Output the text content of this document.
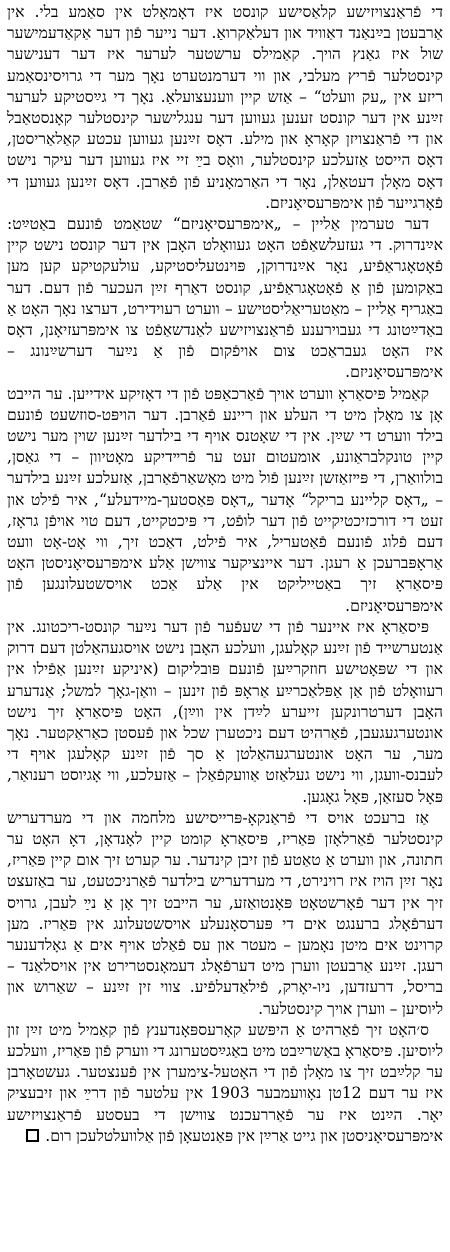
די פֿראַנצויזישע קלאַסישע קונסט איז דאָמאָלט אין סאַמע בלי. אין אַרבעטן בײַנאַנד דאַוויד און דעלאַקרואַ. דער נייער פֿון דער אַקאַדעמישער שול איז גאַנץ הויך. קאַמילס ערשטער לערער איז דער דענישער קינסטלער פֿריץ מעלבי, און ווי דערמנטערט נאָך מער די גרויסינסאַמע ריזע אין „עק וועלט“ – אַזש קיין װענעצועלאַ. נאָך די גײַסטיקע לערער זײַנע אין דער קונסט זענען געווען דער ענגלישער קינסטלער קאָנסטאַבל און די פֿראַנצויזן קאָראָ און מילע. דאָס זײַנען געווען עכטע קאַלאַריסטן, דאָס הייסט אַזעלכע קינסטלער, וואָס בײַ זיי איז געווען דער עיקר נישט דאָס מאָלן דעטאַלן, נאָר די האַרמאָניע פֿון פֿאַרבן. דאָס זײַנען געווען די פֿאָרגייער פֿון אימפּרעסיאָניזם.

דער טערמין אַליין – „אימפּרעסיאָניזם“ שטאַמט פֿונעם באַטײַט: אײַנדרוק. די געזעלשאַפֿט האָט געוואָלט האָבן אין דער קונסט נישט קיין פֿאָטאָגראַפֿיע, נאָר אײַנדרוקן, פּוינטעליסטיקע, עולעקטיקע קען מען באַקומען פֿון אַ פֿאָטאָגראַפֿיע, קונסט דאַרף זײַן העכער פֿון דעם. דער באַגריף אַליין – מאַטעריאַליסטישע – ווערט רעוידירט, דערצו נאָך האָט אַ באַדײַטונג די געבוירענע פֿראַנצויזישע לאַנדשאַפֿט צו אימפּרעזיאָנן, דאָס איז האָט געבראַכט צום אויפֿקום פֿון אַ נײַער דערשײַנונג – אימפּרעסיאָניזם.

קאַמיל פּיסאַראָ ווערט אויך פֿאַרכאַפּט פֿון די דאָזיקע אידייען. ער הייבט אָן צו מאָלן מיט די העלע און ריינע פֿאַרבן. דער הויפּט-סוזשעט פֿונעם בילד ווערט די שײַן. אין די שאָטנס אויף די בילדער זײַנען שוין מער נישט קיין טונקלבראַונע, אומעטום זעט ער פֿרײדיקע מאָטיוון – די גאַסן, בולוואַרן, די פּײזאַזשן זײַנען פֿול מיט מאָשאַרפֿאַרבן, אַזעלכע זײַנע בילדער – „דאָס קליינע בריקל“ אָדער „דאָס פּאַסטעך-מיידעלע“, איר פֿילט און זעט די דורכזיכטיקייט פֿון דער לופֿט, די פּיכטקייט, דעם טוי אויפֿן גראָז, דעם פֿלוג פֿונעם פֿאַטעריל, איר פֿילט, דאַכט זיך, ווי אָט-אָט וועט אַראָפּברעכן אַ רעגן. דער איינציקער צווישן אַלע אימפּרעסיאָניסטן האָט פּיסאַראָ זיך באַטייליקט אין אַלע אַכט אויסשטעלונגען פֿון אימפּרעסיאָניזם.

פּיסאַראָ איז איינער פֿון די שעפֿער פֿון דער נײַער קונסט-ריכטונג. אין אַנטערשייד פֿון זײַנע קאָלעגן, וועלכע האָבן נישט אויסגעהאַלטן דעם דרוק און די שפּאָטישע חוזקרײַען פֿונעם פּובליקום (איניקע זײַנען אַפֿילו אין רעוואָלט פֿון אַן אַפּלאַכרײַע אַראָפּ פֿון זינען – וואַן-גאָך למשל; אַנדערע האָבן דערטרונקען זייערע לײַדן אין ווײַן), האָט פּיסאַראָ זיך נישט אונטערגעגעבן, פֿאַרהיט דעם ניכטערן שכל און פֿעסטן כאַראַקטער. נאָך מער, ער האָט אונטערגעהאַלטן אַ סך פֿון זײַנע קאָלעגן אויף די לעבנס-וועגן, ווי נישט געלאַזט אַוועקפֿאַלן – אַזעלכע, ווי אָגיוסט רענואַר, פּאָל סעזאַן, פּאָל גאָגען.

אַז ברעכט אויס די פֿראַנקאָ-פּרייסישע מלחמה און די מערדעריש קינסטלער פֿאַרלאָזן פּאַריז, פּיסאַראָ קומט קיין לאָנדאָן, דאָ האָט ער חתונה, און ווערט אַ טאַטע פֿון זיבן קינדער. ער קערט זיך אום קיין פּאַריז, נאָר זײַן הויז איז רוינירט, די מערדעריש בילדער פֿאַרניכטעט, ער באַזעצט זיך אין דער פֿאָרשטאָט פּאָנטואַזע, ער הייבט זיך אָן אַ נײַ לעבן, גרויס דערפֿאָלג ברענגט אים די פּערסאָנעלע אויסשטעלונג אין פּאַריז. מען קרוינט אים מיטן נאָמען – מעטר און עס פֿאַלט אויף אים אַ גאָלדענער רעגן. זײַנע אַרבעטן ווערן מיט דערפֿאָלג דעמאָנסטרירט אין אויסלאַנד – בריסל, דרעזדען, ניו-יאָרק, פֿילאַדעלפֿיע. צווי זין זײַנע – שאַרוש און ליוסיען – ווערן אויך קינסטלער.

ס׳האָט זיך פֿאַרהיט אַ היפּשע קאָרעספּאָנדענץ פֿון קאַמיל מיט זײַן זון ליוסיען. פּיסאַראָ באַשרײַבט מיט באַגײַסטערונג די ווערק פֿון פּאַריז, וועלכע ער קלײַבט זיך צו מאָלן פֿון די האָטעל-צימערן אין פֿענצטער. געשטאָרבן איז ער דעם 12טן נאָוועמבער 1903 אין עלטער פֿון דרײַ און זיבעציק יאָר. הײַנט איז ער פֿאַררעכנט צווישן די בעסטע פֿראַנצויזישע אימפּרעסיאָניסטן און גייט אַרײַן אין פּאַנטעאָן פֿון אַלוועלטלעכן רום.
